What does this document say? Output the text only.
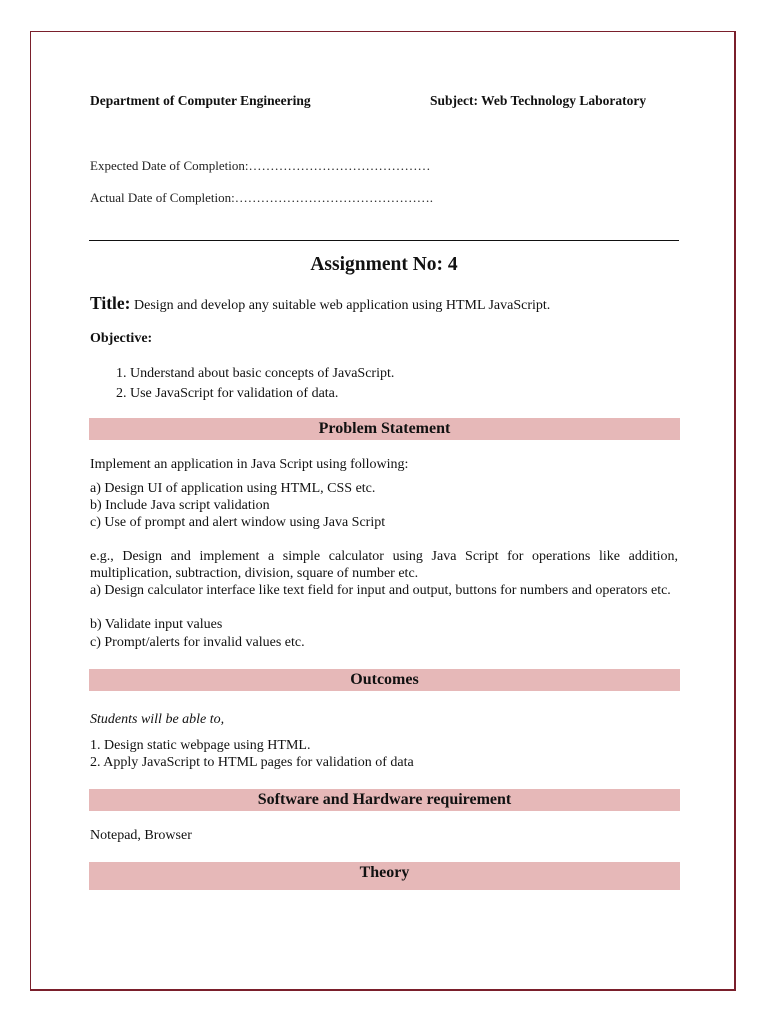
Department of Computer Engineering	Subject: Web Technology Laboratory
Expected Date of Completion:……………………………………
Actual Date of Completion:……………………………………….
Assignment No: 4
Title: Design and develop any suitable web application using HTML JavaScript.
Objective:
1. Understand about basic concepts of JavaScript.
2. Use JavaScript for validation of data.
Problem Statement
Implement an application in Java Script using following:
a) Design UI of application using HTML, CSS etc.
b) Include Java script validation
c) Use of prompt and alert window using Java Script
e.g., Design and implement a simple calculator using Java Script for operations like addition, multiplication, subtraction, division, square of number etc.
a) Design calculator interface like text field for input and output, buttons for numbers and operators etc.
b) Validate input values
c) Prompt/alerts for invalid values etc.
Outcomes
Students will be able to,
1. Design static webpage using HTML.
2. Apply JavaScript to HTML pages for validation of data
Software and Hardware requirement
Notepad, Browser
Theory
